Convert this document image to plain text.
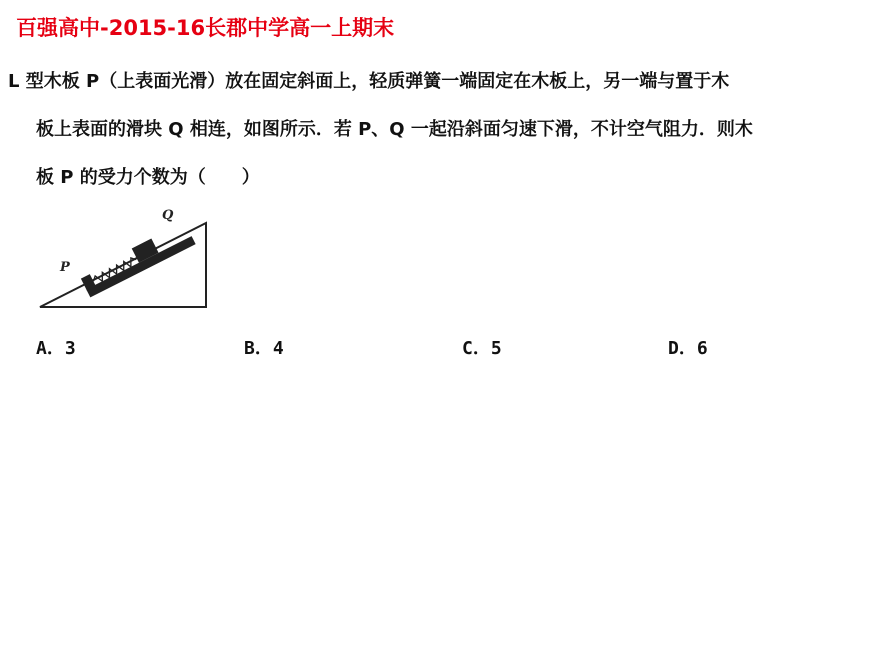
百强高中-2015-16长郡中学高一上期末
L 型木板 P（上表面光滑）放在固定斜面上，轻质弹簧一端固定在木板上，另一端与置于木
板上表面的滑块 Q 相连，如图所示．若 P、Q 一起沿斜面匀速下滑，不计空气阻力．则木
板 P 的受力个数为（　　）
P
Q
A．3	B．4	C．5	D．6
